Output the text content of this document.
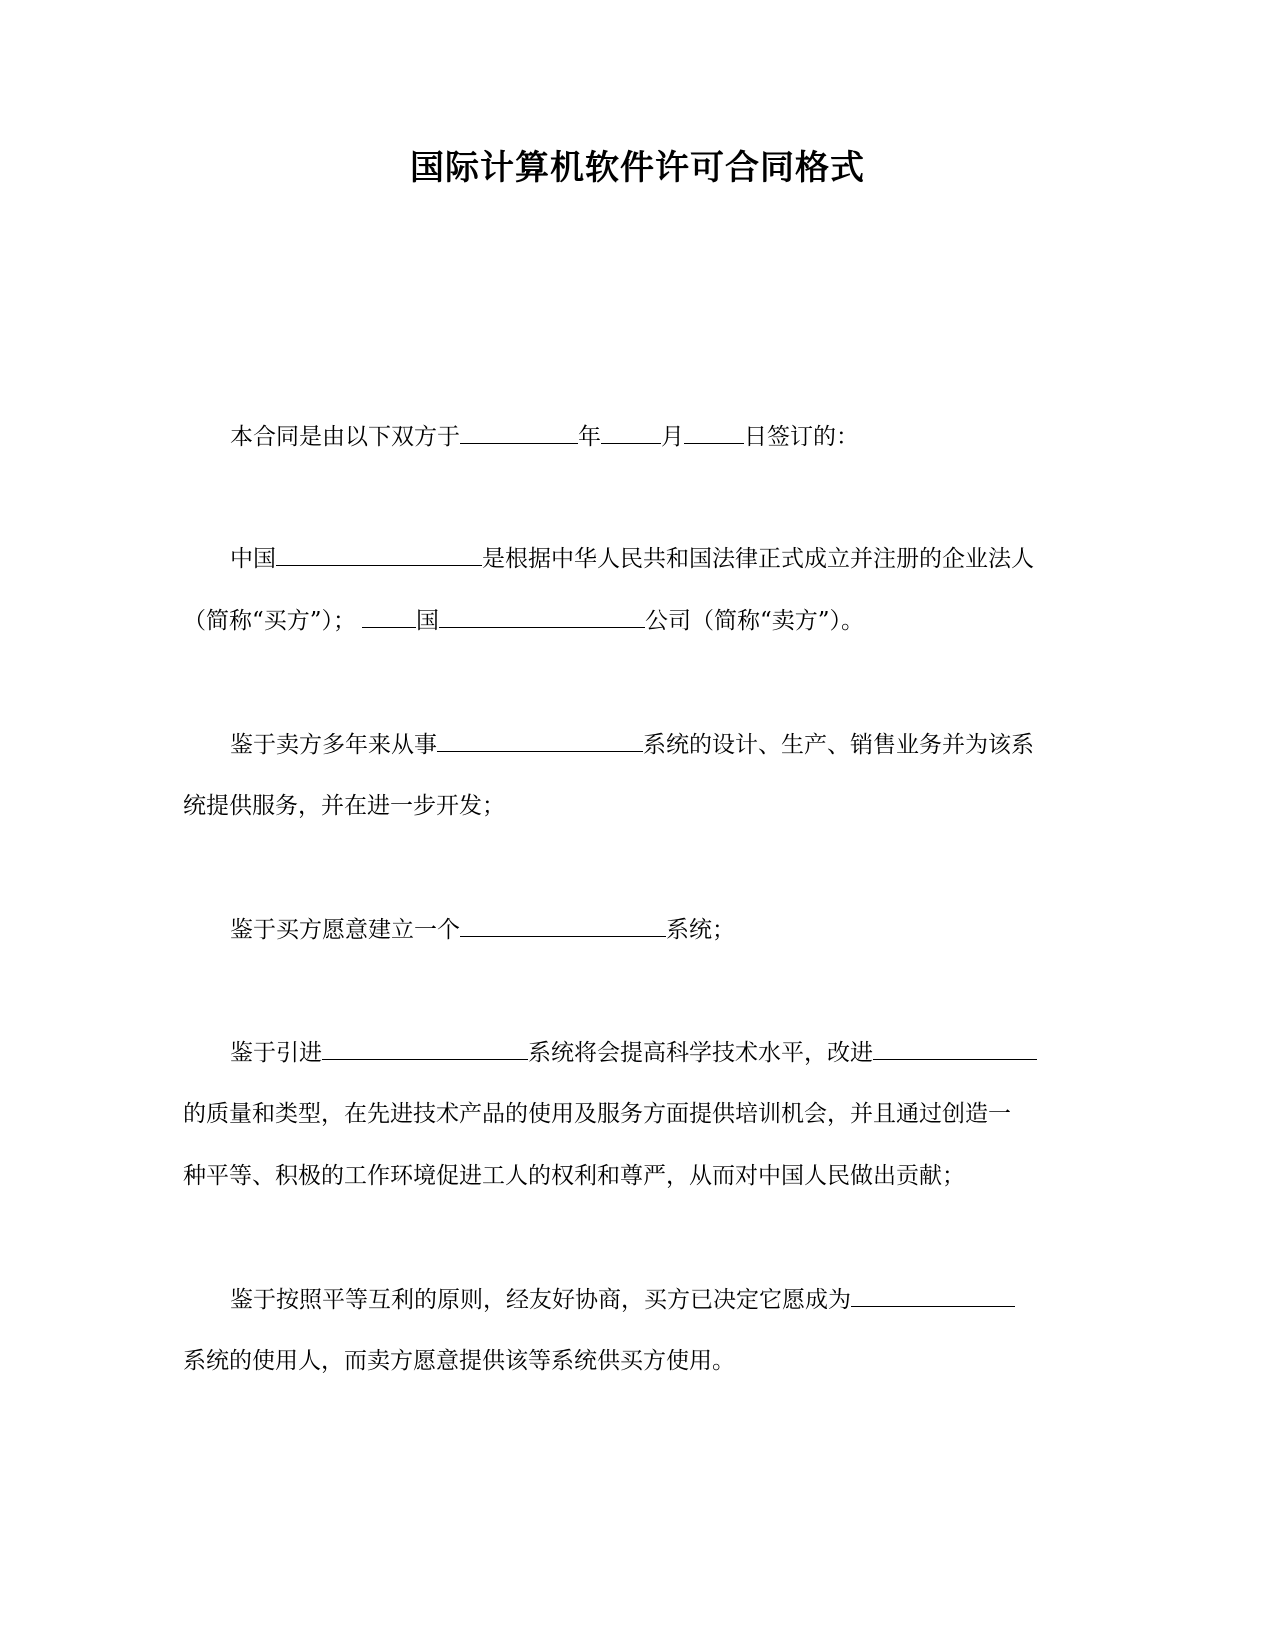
国际计算机软件许可合同格式
本合同是由以下双方于	年	月	日签订的：
中国	是根据中华人民共和国法律正式成立并注册的企业法人
（简称“买方”）；	国	公司（简称“卖方”）。
鉴于卖方多年来从事	系统的设计、生产、销售业务并为该系
统提供服务，并在进一步开发；
鉴于买方愿意建立一个	系统；
鉴于引进	系统将会提高科学技术水平，改进
的质量和类型，在先进技术产品的使用及服务方面提供培训机会，并且通过创造一
种平等、积极的工作环境促进工人的权利和尊严，从而对中国人民做出贡献；
鉴于按照平等互利的原则，经友好协商，买方已决定它愿成为
系统的使用人，而卖方愿意提供该等系统供买方使用。
